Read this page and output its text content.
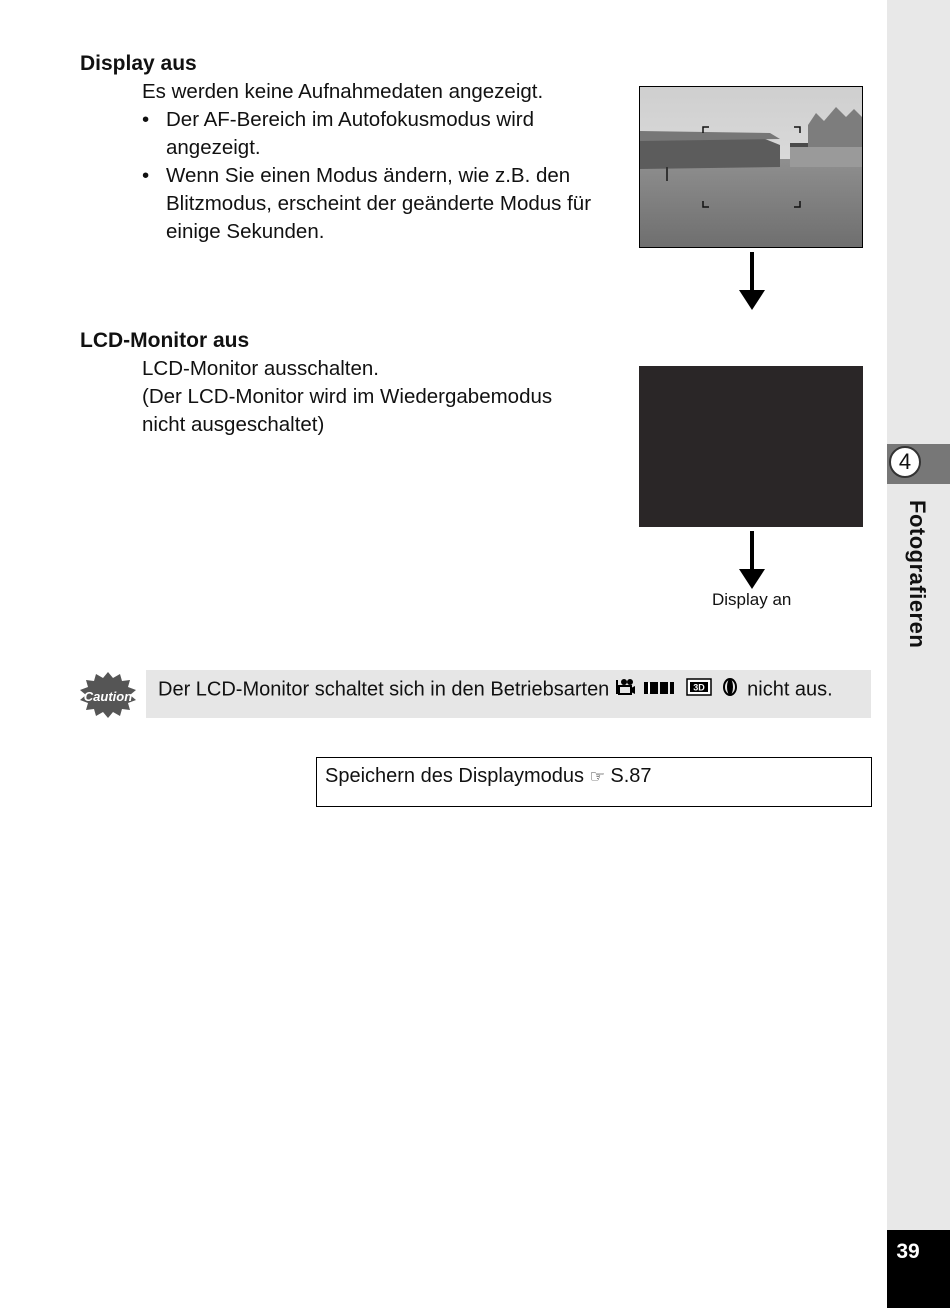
4
Fotografieren
39
Display aus
Es werden keine Aufnahmedaten angezeigt.
• Der AF-Bereich im Autofokusmodus wird angezeigt.
• Wenn Sie einen Modus ändern, wie z.B. den Blitzmodus, erscheint der geänderte Modus für einige Sekunden.
LCD-Monitor aus
LCD-Monitor ausschalten.
(Der LCD-Monitor wird im Wiedergabemodus
nicht ausgeschaltet)
Display an
Caution Der LCD-Monitor schaltet sich in den Betriebsarten	3D nicht aus.
Speichern des Displaymodus ☞ S.87
